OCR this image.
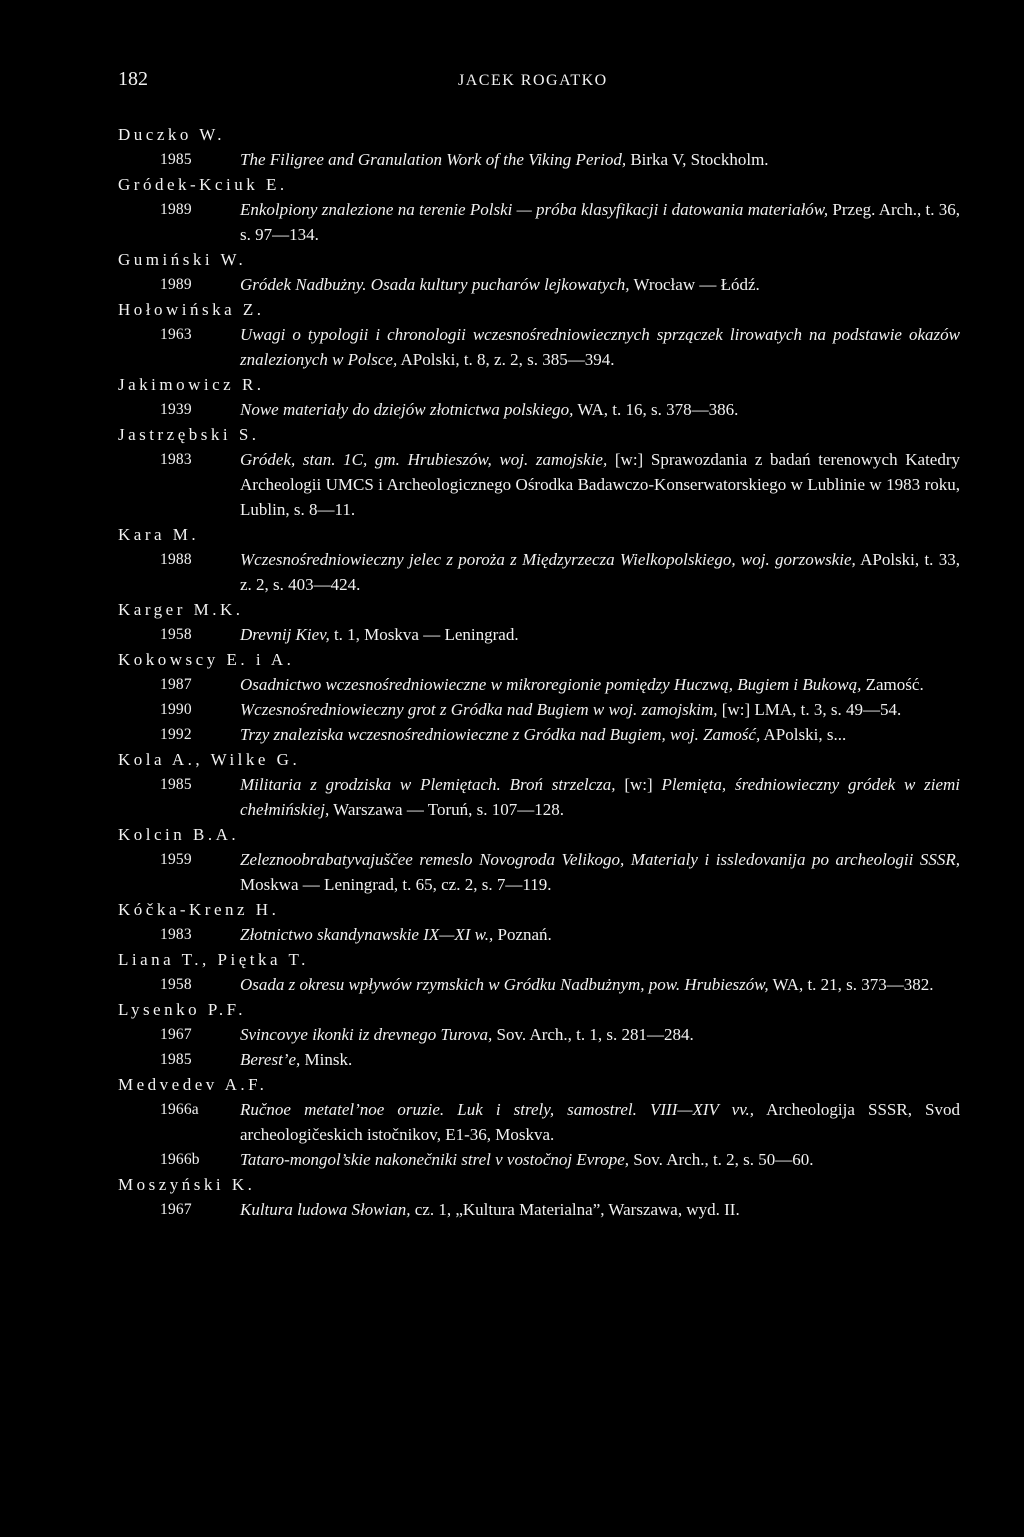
182	JACEK ROGATKO
Duczko W.
1985	The Filigree and Granulation Work of the Viking Period, Birka V, Stockholm.
Gródek-Kciuk E.
1989	Enkolpiony znalezione na terenie Polski — próba klasyfikacji i datowania materiałów, Przeg. Arch., t. 36, s. 97—134.
Gumiński W.
1989	Gródek Nadbużny. Osada kultury pucharów lejkowatych, Wrocław — Łódź.
Hołowińska Z.
1963	Uwagi o typologii i chronologii wczesnośredniowiecznych sprzączek lirowatych na podstawie okazów znalezionych w Polsce, APolski, t. 8, z. 2, s. 385—394.
Jakimowicz R.
1939	Nowe materiały do dziejów złotnictwa polskiego, WA, t. 16, s. 378—386.
Jastrzębski S.
1983	Gródek, stan. 1C, gm. Hrubieszów, woj. zamojskie, [w:] Sprawozdania z badań terenowych Katedry Archeologii UMCS i Archeologicznego Ośrodka Badawczo-Konserwatorskiego w Lublinie w 1983 roku, Lublin, s. 8—11.
Kara M.
1988	Wczesnośredniowieczny jelec z poroża z Międzyrzecza Wielkopolskiego, woj. gorzowskie, APolski, t. 33, z. 2, s. 403—424.
Karger M.K.
1958	Drevnij Kiev, t. 1, Moskva — Leningrad.
Kokowscy E. i A.
1987	Osadnictwo wczesnośredniowieczne w mikroregionie pomiędzy Huczwą, Bugiem i Bukową, Zamość.
1990	Wczesnośredniowieczny grot z Gródka nad Bugiem w woj. zamojskim, [w:] LMA, t. 3, s. 49—54.
1992	Trzy znaleziska wczesnośredniowieczne z Gródka nad Bugiem, woj. Zamość, APolski, s...
Kola A., Wilke G.
1985	Militaria z grodziska w Plemiętach. Broń strzelcza, [w:] Plemięta, średniowieczny gródek w ziemi chełmińskiej, Warszawa — Toruń, s. 107—128.
Kolcin B.A.
1959	Zeleznoobrabatyvajuščee remeslo Novogroda Velikogo, Materialy i issledovanija po archeologii SSSR, Moskwa — Leningrad, t. 65, cz. 2, s. 7—119.
Kóčka-Krenz H.
1983	Złotnictwo skandynawskie IX—XI w., Poznań.
Liana T., Piętka T.
1958	Osada z okresu wpływów rzymskich w Gródku Nadbużnym, pow. Hrubieszów, WA, t. 21, s. 373—382.
Lysenko P.F.
1967	Svincovye ikonki iz drevnego Turova, Sov. Arch., t. 1, s. 281—284.
1985	Berest’e, Minsk.
Medvedev A.F.
1966a Ručnoe metatel’noe oruzie. Luk i strely, samostrel. VIII—XIV vv., Archeologija SSSR, Svod archeologičeskich istočnikov, E1-36, Moskva.
1966b Tataro-mongol’skie nakonečniki strel v vostočnoj Evrope, Sov. Arch., t. 2, s. 50—60.
Moszyński K.
1967	Kultura ludowa Słowian, cz. 1, „Kultura Materialna”, Warszawa, wyd. II.
